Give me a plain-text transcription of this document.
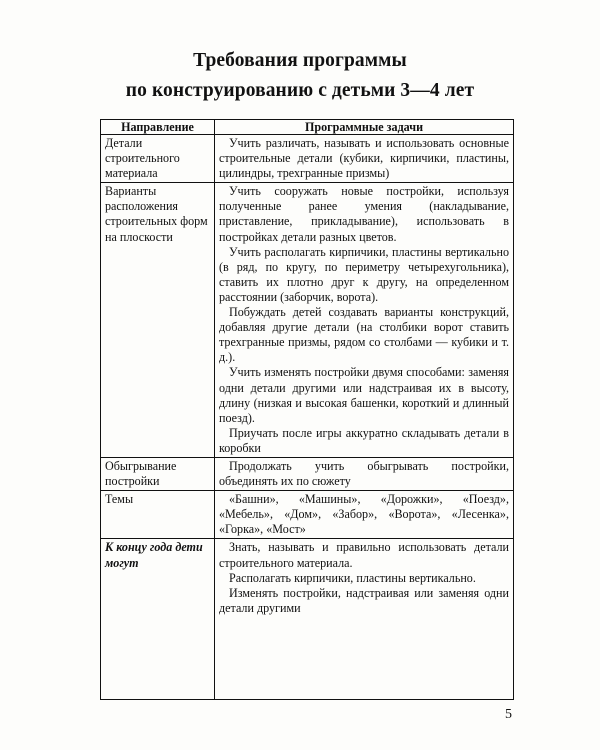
Требования программы
по конструированию с детьми 3—4 лет
Направление	Программные задачи
Детали строительного материала	Учить различать, называть и использовать основные строительные детали (кубики, кирпичики, пластины, цилиндры, трехгранные призмы)

Варианты расположения строительных форм на плоскости	Учить сооружать новые постройки, используя полученные ранее умения (накладывание, приставление, прикладывание), использовать в постройках детали разных цветов.

Учить располагать кирпичики, пластины вертикально (в ряд, по кругу, по периметру четырехугольника), ставить их плотно друг к другу, на определенном расстоянии (заборчик, ворота).

Побуждать детей создавать варианты конструкций, добавляя другие детали (на столбики ворот ставить трехгранные призмы, рядом со столбами — кубики и т. д.).

Учить изменять постройки двумя способами: заменяя одни детали другими или надстраивая их в высоту, длину (низкая и высокая башенки, короткий и длинный поезд).

Приучать после игры аккуратно складывать детали в коробки

Обыгрывание постройки	Продолжать учить обыгрывать постройки, объединять их по сюжету

Темы	«Башни», «Машины», «Дорожки», «Поезд», «Мебель», «Дом», «Забор», «Ворота», «Лесенка», «Горка», «Мост»

К концу года дети могут	Знать, называть и правильно использовать детали строительного материала.

Располагать кирпичики, пластины вертикально.

Изменять постройки, надстраивая или заменяя одни детали другими

5
